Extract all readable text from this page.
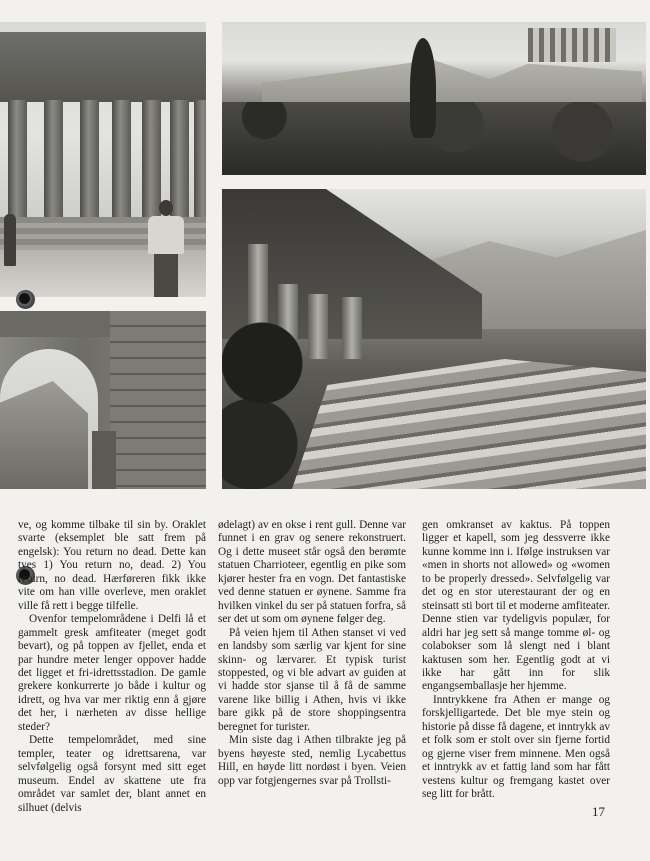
ve, og komme tilbake til sin by. Oraklet svarte (eksemplet ble satt frem på engelsk): You return no dead. Dette kan tyes 1) You return no, dead. 2) You return, no dead. Hærføreren fikk ikke vite om han ville overleve, men oraklet ville få rett i begge tilfelle.

Ovenfor tempelområdene i Delfi lå et gammelt gresk amfiteater (meget godt bevart), og på toppen av fjellet, enda et par hundre meter lenger oppover hadde det ligget et fri-idrettsstadion. De gamle grekere konkurrerte jo både i kultur og idrett, og hva var mer riktig enn å gjøre det her, i nærheten av disse hellige steder?

Dette tempelområdet, med sine templer, teater og idrettsarena, var selvfølgelig også forsynt med sitt eget museum. Endel av skattene ute fra området var samlet der, blant annet en silhuet (delvis

ødelagt) av en okse i rent gull. Denne var funnet i en grav og senere rekonstruert. Og i dette museet står også den berømte statuen Charrioteer, egentlig en pike som kjører hester fra en vogn. Det fantastiske ved denne statuen er øynene. Samme fra hvilken vinkel du ser på statuen forfra, så ser det ut som om øynene følger deg.

På veien hjem til Athen stanset vi ved en landsby som særlig var kjent for sine skinn- og lærvarer. Et typisk turist stoppested, og vi ble advart av guiden at vi hadde stor sjanse til å få de samme varene like billig i Athen, hvis vi ikke bare gikk på de store shoppingsentra beregnet for turister.

Min siste dag i Athen tilbrakte jeg på byens høyeste sted, nemlig Lycabettus Hill, en høyde litt nordøst i byen. Veien opp var fotgjengernes svar på Trollsti-

gen omkranset av kaktus. På toppen ligger et kapell, som jeg dessverre ikke kunne komme inn i. Ifølge instruksen var «men in shorts not allowed» og «women to be properly dressed». Selvfølgelig var det og en stor uterestaurant der og en steinsatt sti bort til et moderne amfiteater. Denne stien var tydeligvis populær, for aldri har jeg sett så mange tomme øl- og colabokser som lå slengt ned i blant kaktusen som her. Egentlig godt at vi ikke har gått inn for slik engangsemballasje her hjemme.

Inntrykkene fra Athen er mange og forskjelligartede. Det ble mye stein og historie på disse få dagene, et inntrykk av et folk som er stolt over sin fjerne fortid og gjerne viser frem minnene. Men også et inntrykk av et fattig land som har fått vestens kultur og fremgang kastet over seg litt for brått.

17
